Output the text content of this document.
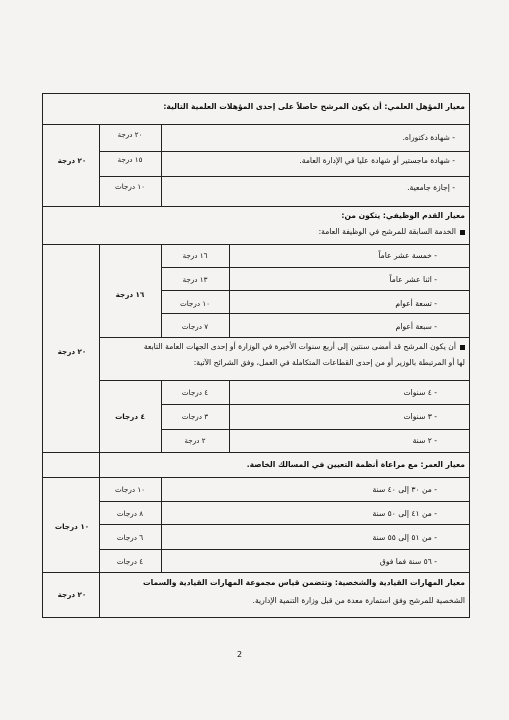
معيار المؤهل العلمي: أن يكون المرشح حاصلاً على إحدى المؤهلات العلمية التالية:
٢٠ درجة
٢٠ درجة
١٥ درجة
١٠ درجات
- شهادة دكتوراه.
- شهادة ماجستير أو شهادة عليا في الإدارة العامة.
- إجازة جامعية.
معيار القدم الوظيفي: يتكون من:
الخدمة السابقة للمرشح في الوظيفة العامة:
٢٠ درجة
١٦ درجة
١٦ درجة
١٣ درجة
١٠ درجات
٧ درجات
- خمسة عشر عاماً
- اثنا عشر عاماً
- تسعة أعوام
- سبعة أعوام
أن يكون المرشح قد أمضى سنتين إلى أربع سنوات الأخيرة في الوزارة أو إحدى الجهات العامة التابعة
لها أو المرتبطة بالوزير أو من إحدى القطاعات المتكاملة في العمل، وفق الشرائح الآتية:
٤ درجات
٤ درجات
٣ درجات
٢ درجة
- ٤ سنوات
- ٣ سنوات
- ٢ سنة
معيار العمر: مع مراعاة أنظمة التعيين في المسالك الخاصة.
١٠ درجات
١٠ درجات
٨ درجات
٦ درجات
٤ درجات
- من ٣٠ إلى ٤٠ سنة
- من ٤١ إلى ٥٠ سنة
- من ٥١ إلى ٥٥ سنة
- ٥٦ سنة فما فوق
٢٠ درجة
معيار المهارات القيادية والشخصية: وتتضمن قياس مجموعة المهارات القيادية والسمات
الشخصية للمرشح وفق استمارة معدة من قبل وزارة التنمية الإدارية.
2
